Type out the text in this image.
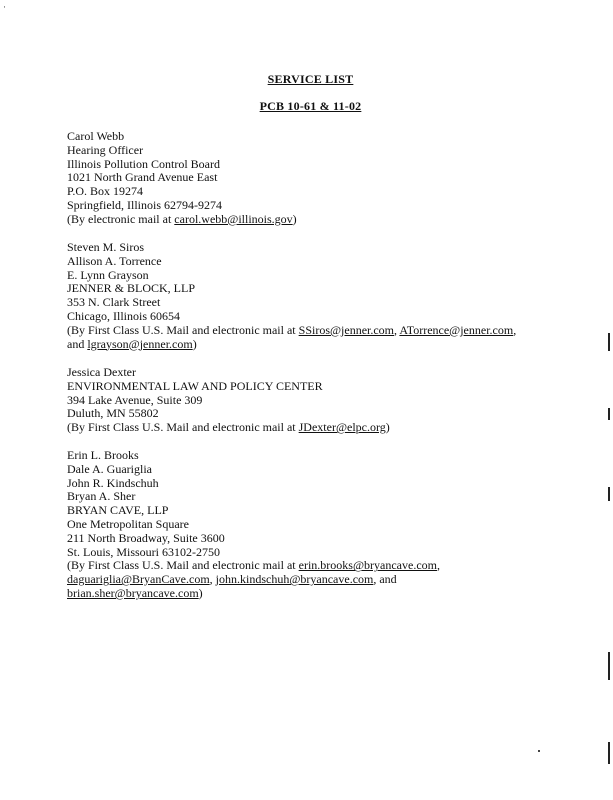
·
SERVICE LIST
PCB 10-61 & 11-02
Carol Webb
Hearing Officer
Illinois Pollution Control Board
1021 North Grand Avenue East
P.O. Box 19274
Springfield, Illinois 62794-9274
(By electronic mail at carol.webb@illinois.gov)
Steven M. Siros
Allison A. Torrence
E. Lynn Grayson
JENNER & BLOCK, LLP
353 N. Clark Street
Chicago, Illinois 60654
(By First Class U.S. Mail and electronic mail at SSiros@jenner.com, ATorrence@jenner.com,
and lgrayson@jenner.com)
Jessica Dexter
ENVIRONMENTAL LAW AND POLICY CENTER
394 Lake Avenue, Suite 309
Duluth, MN 55802
(By First Class U.S. Mail and electronic mail at JDexter@elpc.org)
Erin L. Brooks
Dale A. Guariglia
John R. Kindschuh
Bryan A. Sher
BRYAN CAVE, LLP
One Metropolitan Square
211 North Broadway, Suite 3600
St. Louis, Missouri 63102-2750
(By First Class U.S. Mail and electronic mail at erin.brooks@bryancave.com,
daguariglia@BryanCave.com, john.kindschuh@bryancave.com, and
brian.sher@bryancave.com)
